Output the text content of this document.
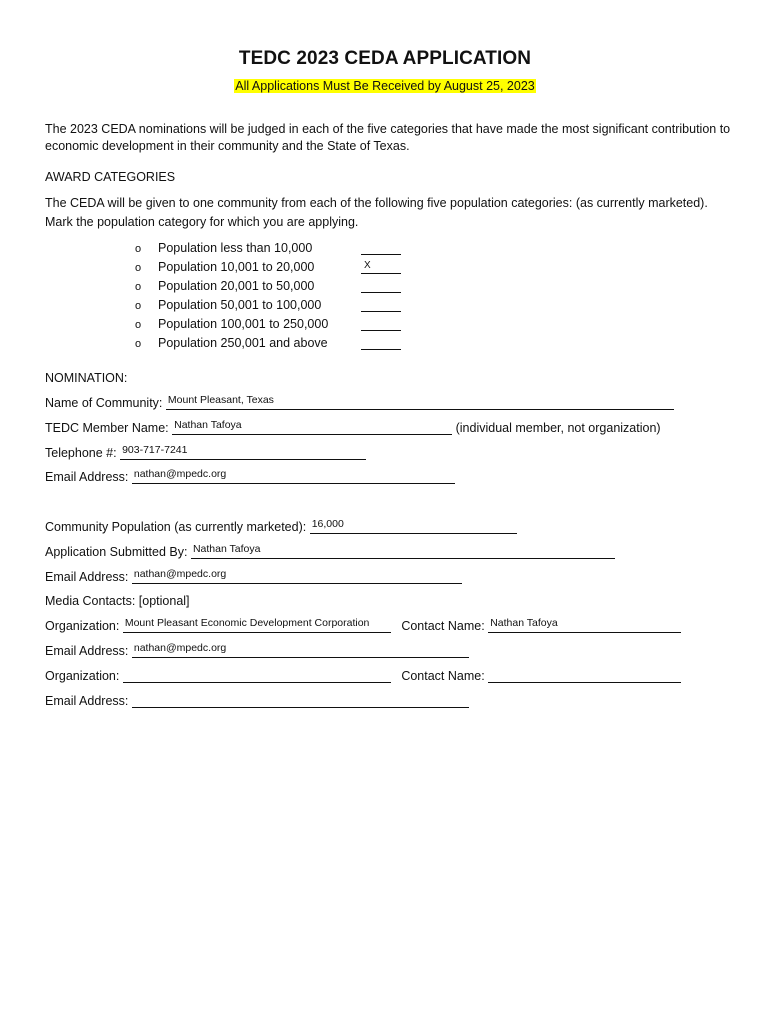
TEDC 2023 CEDA APPLICATION
All Applications Must Be Received by August 25, 2023
The 2023 CEDA nominations will be judged in each of the five categories that have made the most significant contribution to economic development in their community and the State of Texas.
AWARD CATEGORIES
The CEDA will be given to one community from each of the following five population categories: (as currently marketed). Mark the population category for which you are applying.
o Population less than 10,000
o Population 10,001 to 20,000	X
o Population 20,001 to 50,000
o Population 50,001 to 100,000
o Population 100,001 to 250,000
o Population 250,001 and above
NOMINATION:
Name of Community: Mount Pleasant, Texas
TEDC Member Name: Nathan Tafoya	(individual member, not organization)
Telephone #: 903-717-7241
Email Address: nathan@mpedc.org
Community Population (as currently marketed): 16,000
Application Submitted By: Nathan Tafoya
Email Address: nathan@mpedc.org
Media Contacts: [optional]
Organization: Mount Pleasant Economic Development Corporation	Contact Name: Nathan Tafoya
Email Address: nathan@mpedc.org
Organization:	Contact Name:
Email Address:
